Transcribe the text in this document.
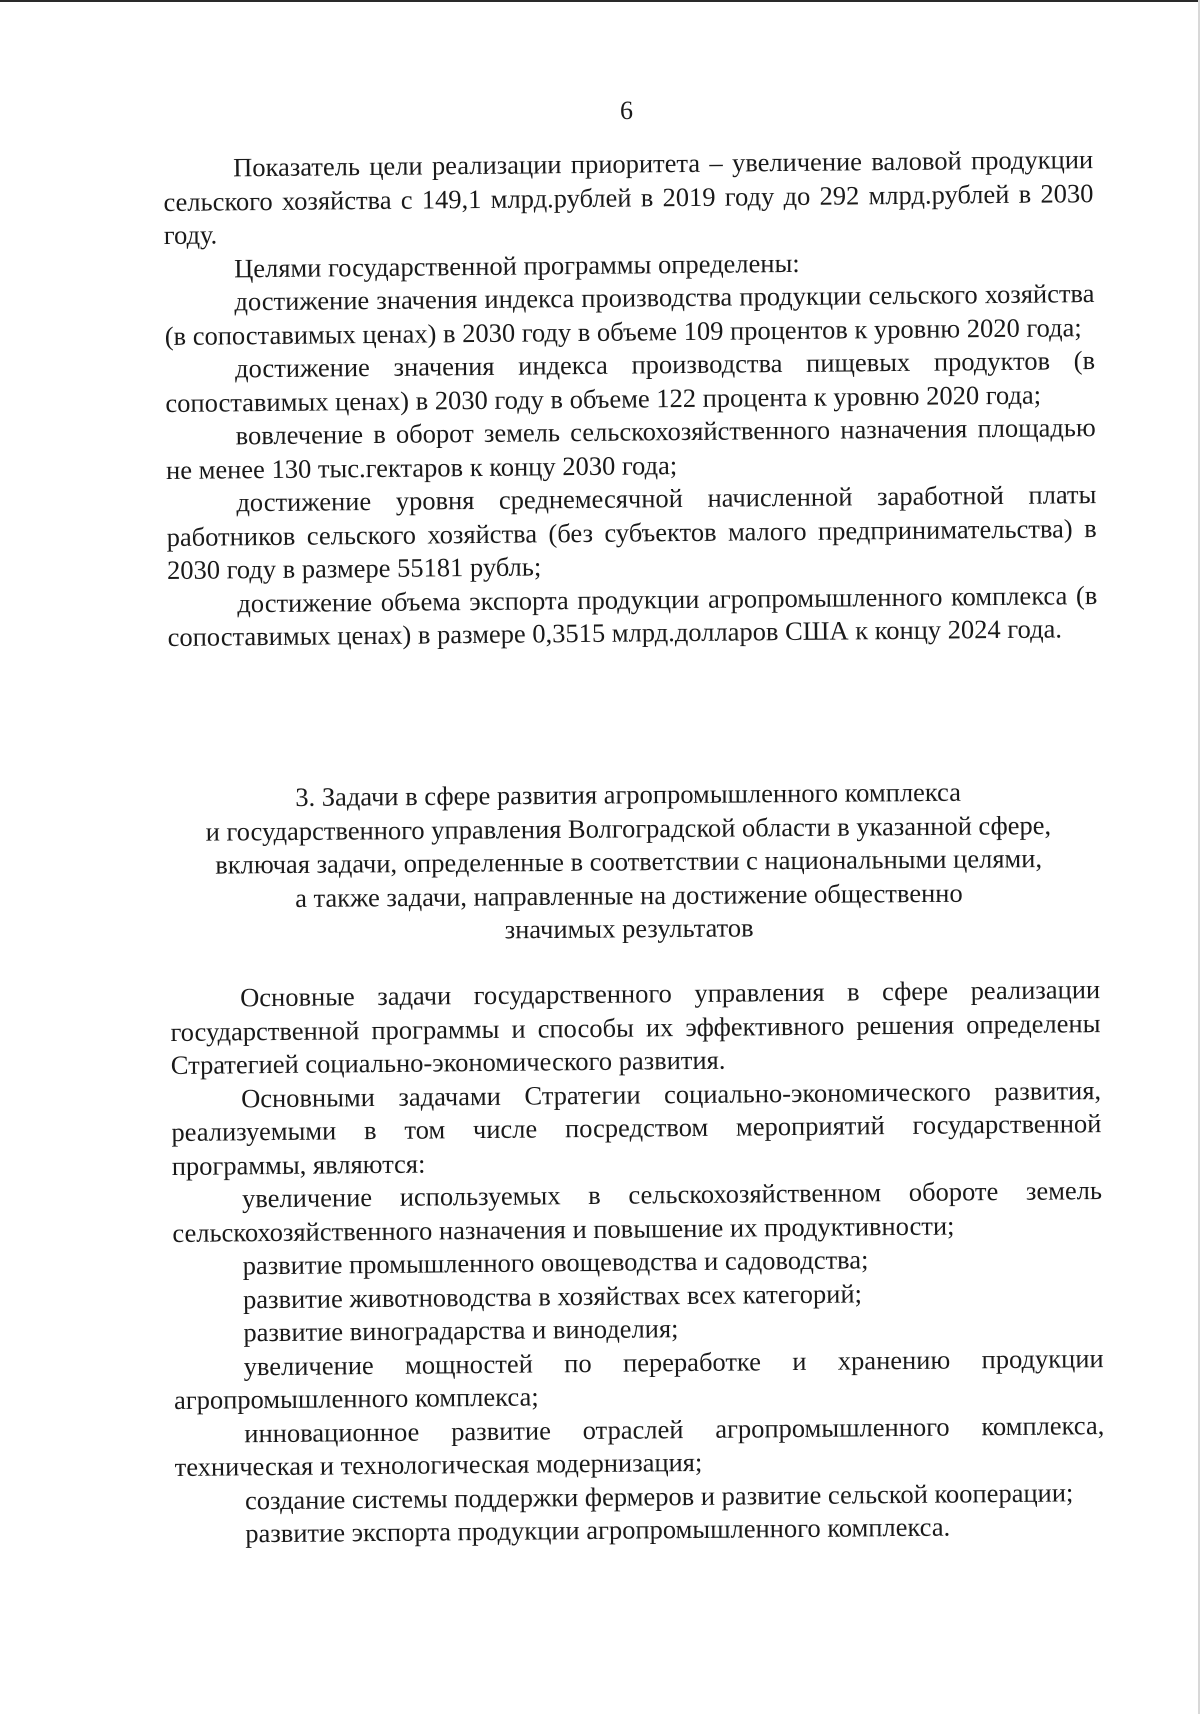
6

Показатель цели реализации приоритета – увеличение валовой продукции сельского хозяйства с 149,1 млрд.рублей в 2019 году до 292 млрд.рублей в 2030 году.

Целями государственной программы определены:

достижение значения индекса производства продукции сельского хозяйства (в сопоставимых ценах) в 2030 году в объеме 109 процентов к уровню 2020 года;

достижение значения индекса производства пищевых продуктов (в сопоставимых ценах) в 2030 году в объеме 122 процента к уровню 2020 года;

вовлечение в оборот земель сельскохозяйственного назначения площадью не менее 130 тыс.гектаров к концу 2030 года;

достижение уровня среднемесячной начисленной заработной платы работников сельского хозяйства (без субъектов малого предпринимательства) в 2030 году в размере 55181 рубль;

достижение объема экспорта продукции агропромышленного комплекса (в сопоставимых ценах) в размере 0,3515 млрд.долларов США к концу 2024 года.

3. Задачи в сфере развития агропромышленного комплекса
и государственного управления Волгоградской области в указанной сфере,
включая задачи, определенные в соответствии с национальными целями,
а также задачи, направленные на достижение общественно
значимых результатов

Основные задачи государственного управления в сфере реализации государственной программы и способы их эффективного решения определены Стратегией социально-экономического развития.

Основными задачами Стратегии социально-экономического развития, реализуемыми в том числе посредством мероприятий государственной программы, являются:

увеличение используемых в сельскохозяйственном обороте земель сельскохозяйственного назначения и повышение их продуктивности;

развитие промышленного овощеводства и садоводства;

развитие животноводства в хозяйствах всех категорий;

развитие виноградарства и виноделия;

увеличение мощностей по переработке и хранению продукции агропромышленного комплекса;

инновационное развитие отраслей агропромышленного комплекса, техническая и технологическая модернизация;

создание системы поддержки фермеров и развитие сельской кооперации;

развитие экспорта продукции агропромышленного комплекса.
